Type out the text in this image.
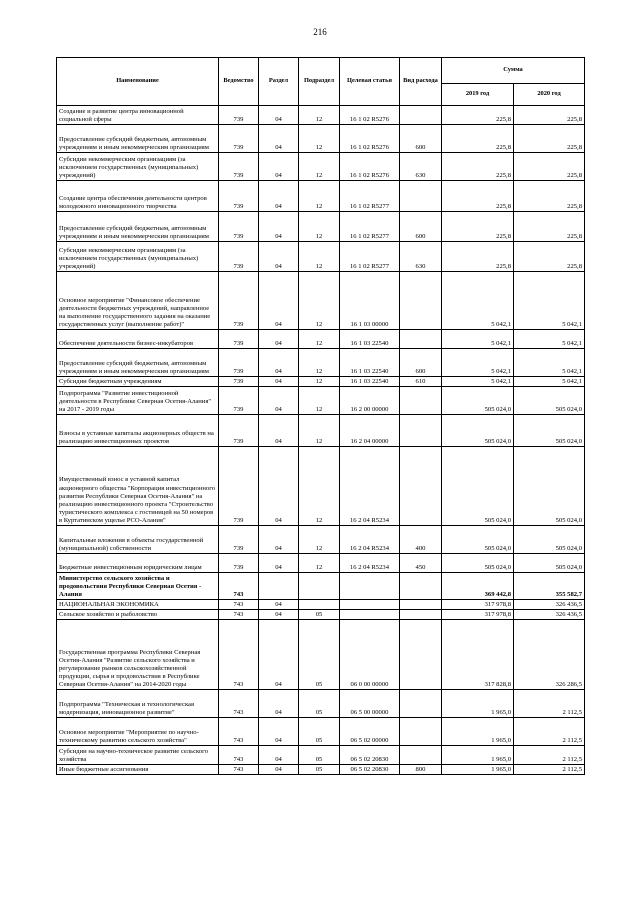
216
Наименование	Ведомство	Раздел	Подраздел	Целевая статья	Вид расхода	Сумма	
						2019 год	2020 год
Создание и развитие центра инновационной социальной сферы	739	04	12	16 1 02 R5276		225,8	225,8
Предоставление субсидий бюджетным, автономным учреждениям и иным некоммерческим организациям	739	04	12	16 1 02 R5276	600	225,8	225,8
Субсидии некоммерческим организациям (за исключением государственных (муниципальных) учреждений)	739	04	12	16 1 02 R5276	630	225,8	225,8
Создание центра обеспечения деятельности центров молодежного инновационного творчества	739	04	12	16 1 02 R5277		225,8	225,8
Предоставление субсидий бюджетным, автономным учреждениям и иным некоммерческим организациям	739	04	12	16 1 02 R5277	600	225,8	225,8
Субсидии некоммерческим организациям (за исключением государственных (муниципальных) учреждений)	739	04	12	16 1 02 R5277	630	225,8	225,8
Основное мероприятие "Финансовое обеспечение деятельности бюджетных учреждений, направленное на выполнение государственного задания на оказание государственных услуг (выполнение работ)"	739	04	12	16 1 03 00000		5 042,1	5 042,1
Обеспечение деятельности бизнес-инкубаторов	739	04	12	16 1 03 22540		5 042,1	5 042,1
Предоставление субсидий бюджетным, автономным учреждениям и иным некоммерческим организациям	739	04	12	16 1 03 22540	600	5 042,1	5 042,1
Субсидии бюджетным учреждениям	739	04	12	16 1 03 22540	610	5 042,1	5 042,1
Подпрограмма "Развитие инвестиционной деятельности в Республике Северная Осетия-Алания" на 2017 - 2019 годы	739	04	12	16 2 00 00000		505 024,0	505 024,0
Взносы в уставные капиталы акционерных обществ на реализацию инвестиционных проектов	739	04	12	16 2 04 00000		505 024,0	505 024,0
Имущественный взнос в уставной капитал акционерного общества "Корпорация инвестиционного развития Республики Северная Осетия-Алания" на реализацию инвестиционного проекта "Строительство туристического комплекса с гостиницей на 50 номеров в Куртатинском ущелье РСО-Алания"	739	04	12	16 2 04 R5234		505 024,0	505 024,0
Капитальные вложения в объекты государственной (муниципальной) собственности	739	04	12	16 2 04 R5234	400	505 024,0	505 024,0
Бюджетные инвестиционным юридическим лицам	739	04	12	16 2 04 R5234	450	505 024,0	505 024,0
Министерство сельского хозяйства и продовольствия Республики Северная Осетия - Алания	743					369 442,8	355 582,7
НАЦИОНАЛЬНАЯ ЭКОНОМИКА	743	04				317 978,8	326 436,5
Сельское хозяйство и рыболовство	743	04	05			317 978,8	326 436,5
Государственная программа Республики Северная Осетия-Алания "Развитие сельского хозяйства и регулирование рынков сельскохозяйственной продукции, сырья и продовольствия в Республике Северная Осетия-Алания" на 2014-2020 годы	743	04	05	06 0 00 00000		317 828,8	326 286,5
Подпрограмма "Техническая и технологическая модернизация, инновационное развитие"	743	04	05	06 5 00 00000		1 965,0	2 112,5
Основное мероприятие "Мероприятие по научно-техническому развитию сельского хозяйства"	743	04	05	06 5 02 00000		1 965,0	2 112,5
Субсидии на научно-техническое развитие сельского хозяйства	743	04	05	06 5 02 20830		1 965,0	2 112,5
Иные бюджетные ассигнования	743	04	05	06 5 02 20830	800	1 965,0	2 112,5
